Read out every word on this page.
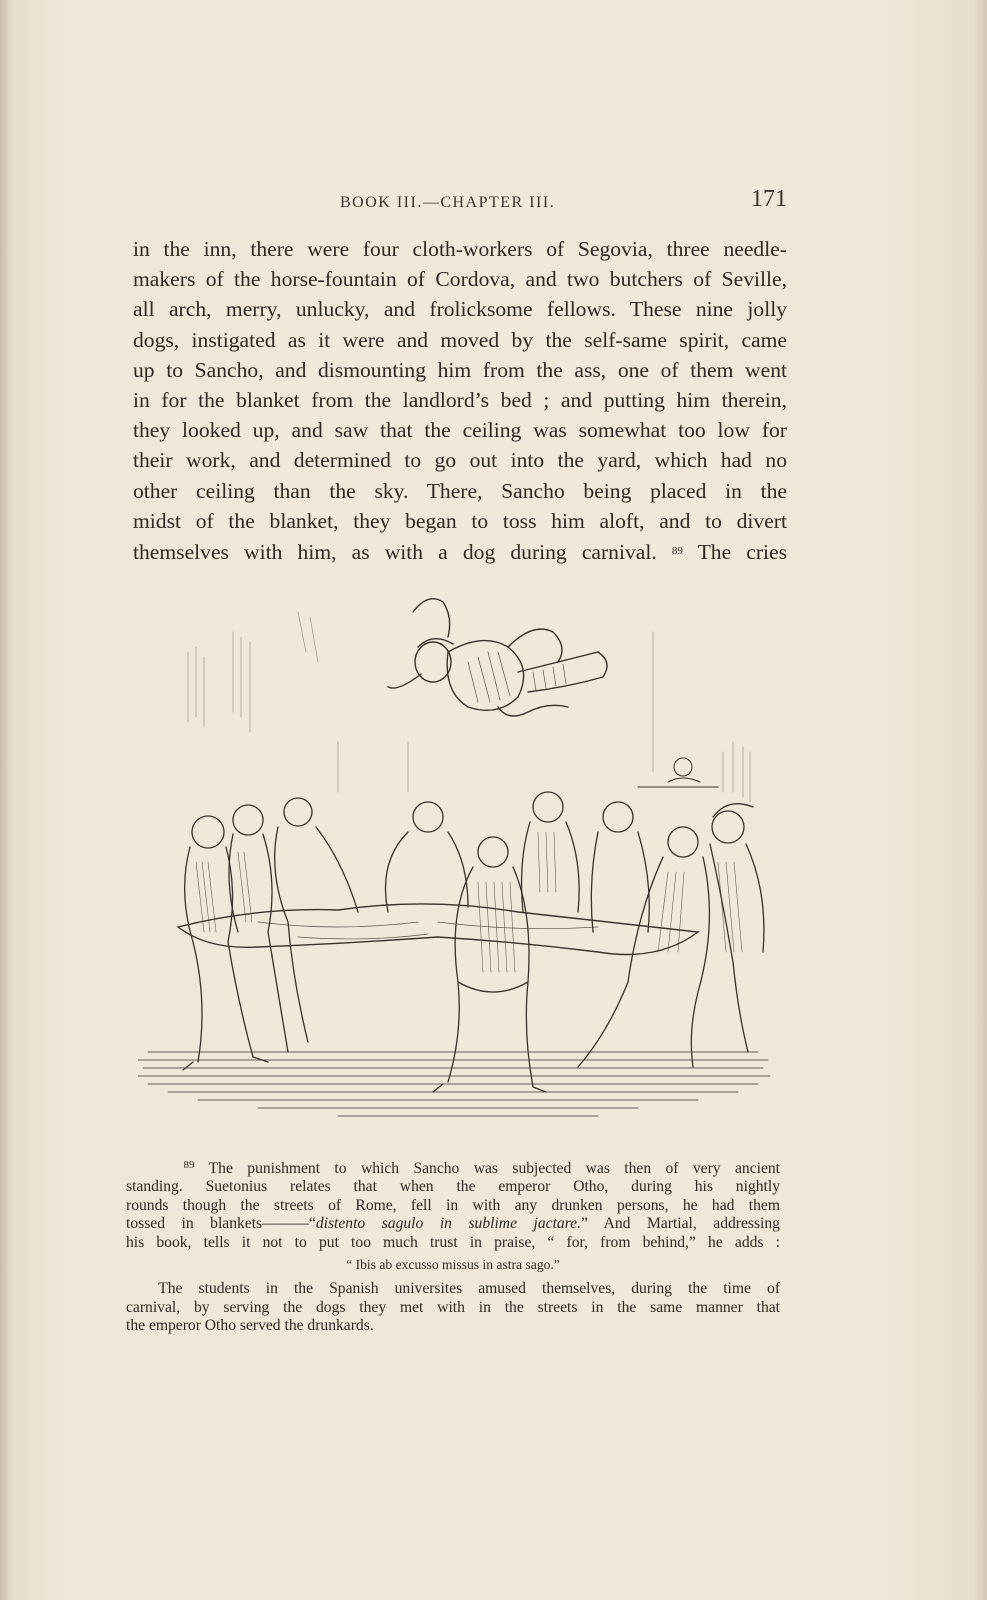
BOOK III.—CHAPTER III.	171
in the inn, there were four cloth-workers of Segovia, three needle-
makers of the horse-fountain of Cordova, and two butchers of Seville,
all arch, merry, unlucky, and frolicksome fellows. These nine jolly
dogs, instigated as it were and moved by the self-same spirit, came
up to Sancho, and dismounting him from the ass, one of them went
in for the blanket from the landlord’s bed ; and putting him therein,
they looked up, and saw that the ceiling was somewhat too low for
their work, and determined to go out into the yard, which had no
other ceiling than the sky. There, Sancho being placed in the
midst of the blanket, they began to toss him aloft, and to divert
themselves with him, as with a dog during carnival. $^{89}$ The cries
$^{89}$ The punishment to which Sancho was subjected was then of very ancient
standing. Suetonius relates that when the emperor Otho, during his nightly
rounds though the streets of Rome, fell in with any drunken persons, he had them
tossed in blankets———“distento sagulo in sublime jactare.” And Martial, addressing
his book, tells it not to put too much trust in praise, “ for, from behind,” he adds :
“ Ibis ab excusso missus in astra sago.”
The students in the Spanish universites amused themselves, during the time of
carnival, by serving the dogs they met with in the streets in the same manner that
the emperor Otho served the drunkards.
